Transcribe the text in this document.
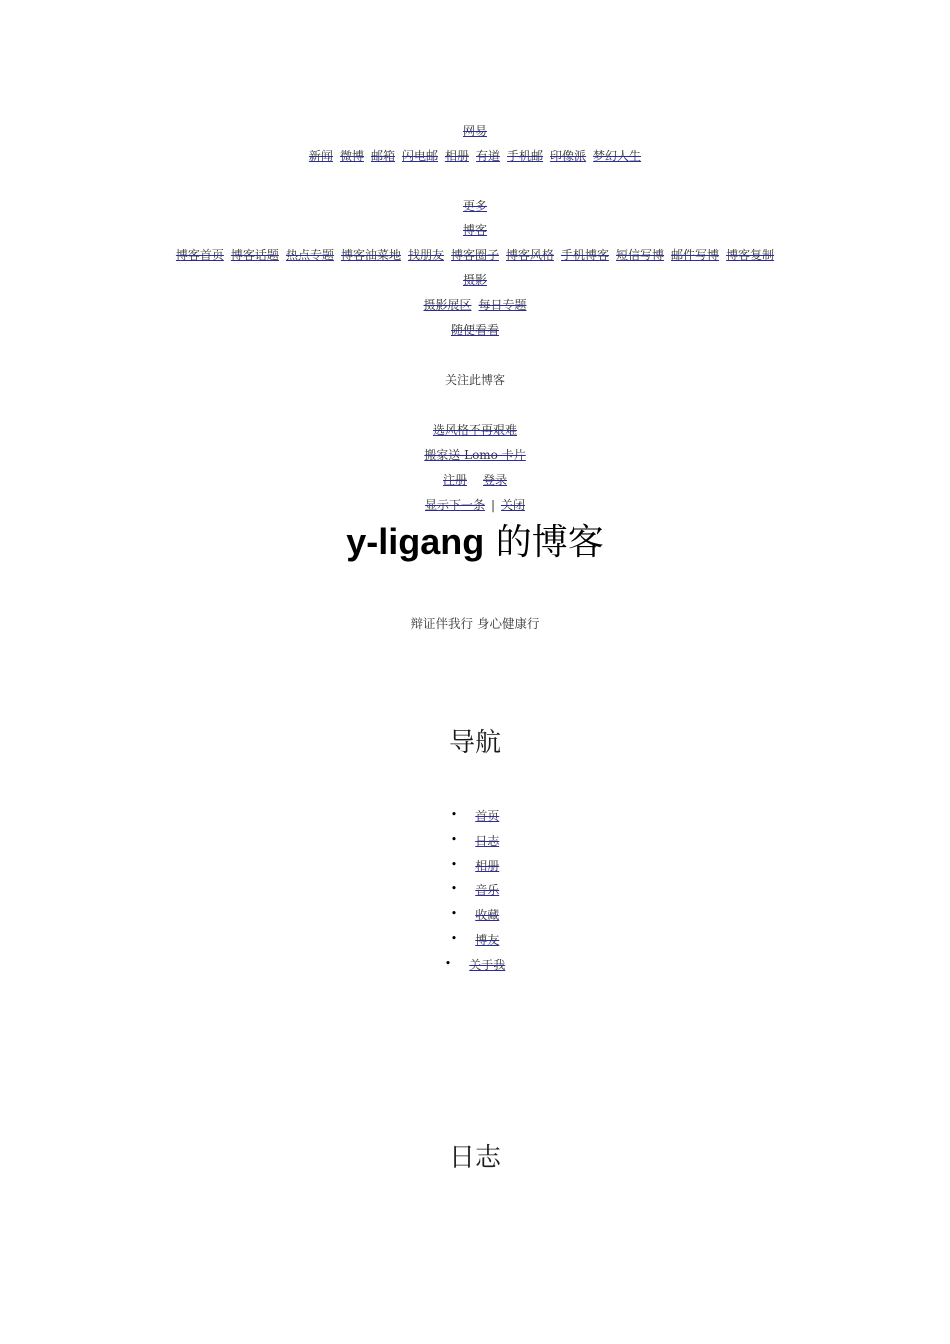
网易
新闻 微博 邮箱 闪电邮 相册 有道 手机邮 印像派 梦幻人生
更多
博客
博客首页 博客话题 热点专题 博客油菜地 找朋友 博客圈子 博客风格 手机博客 短信写博 邮件写博 博客复制
摄影
摄影展区 每日专题
随便看看
关注此博客
选风格不再艰难
搬家送 Lomo 卡片
注册 登录
显示下一条 | 关闭
y-ligang 的博客
辩证伴我行 身心健康行
导航
• 首页
• 日志
• 相册
• 音乐
• 收藏
• 博友
• 关于我
日志
